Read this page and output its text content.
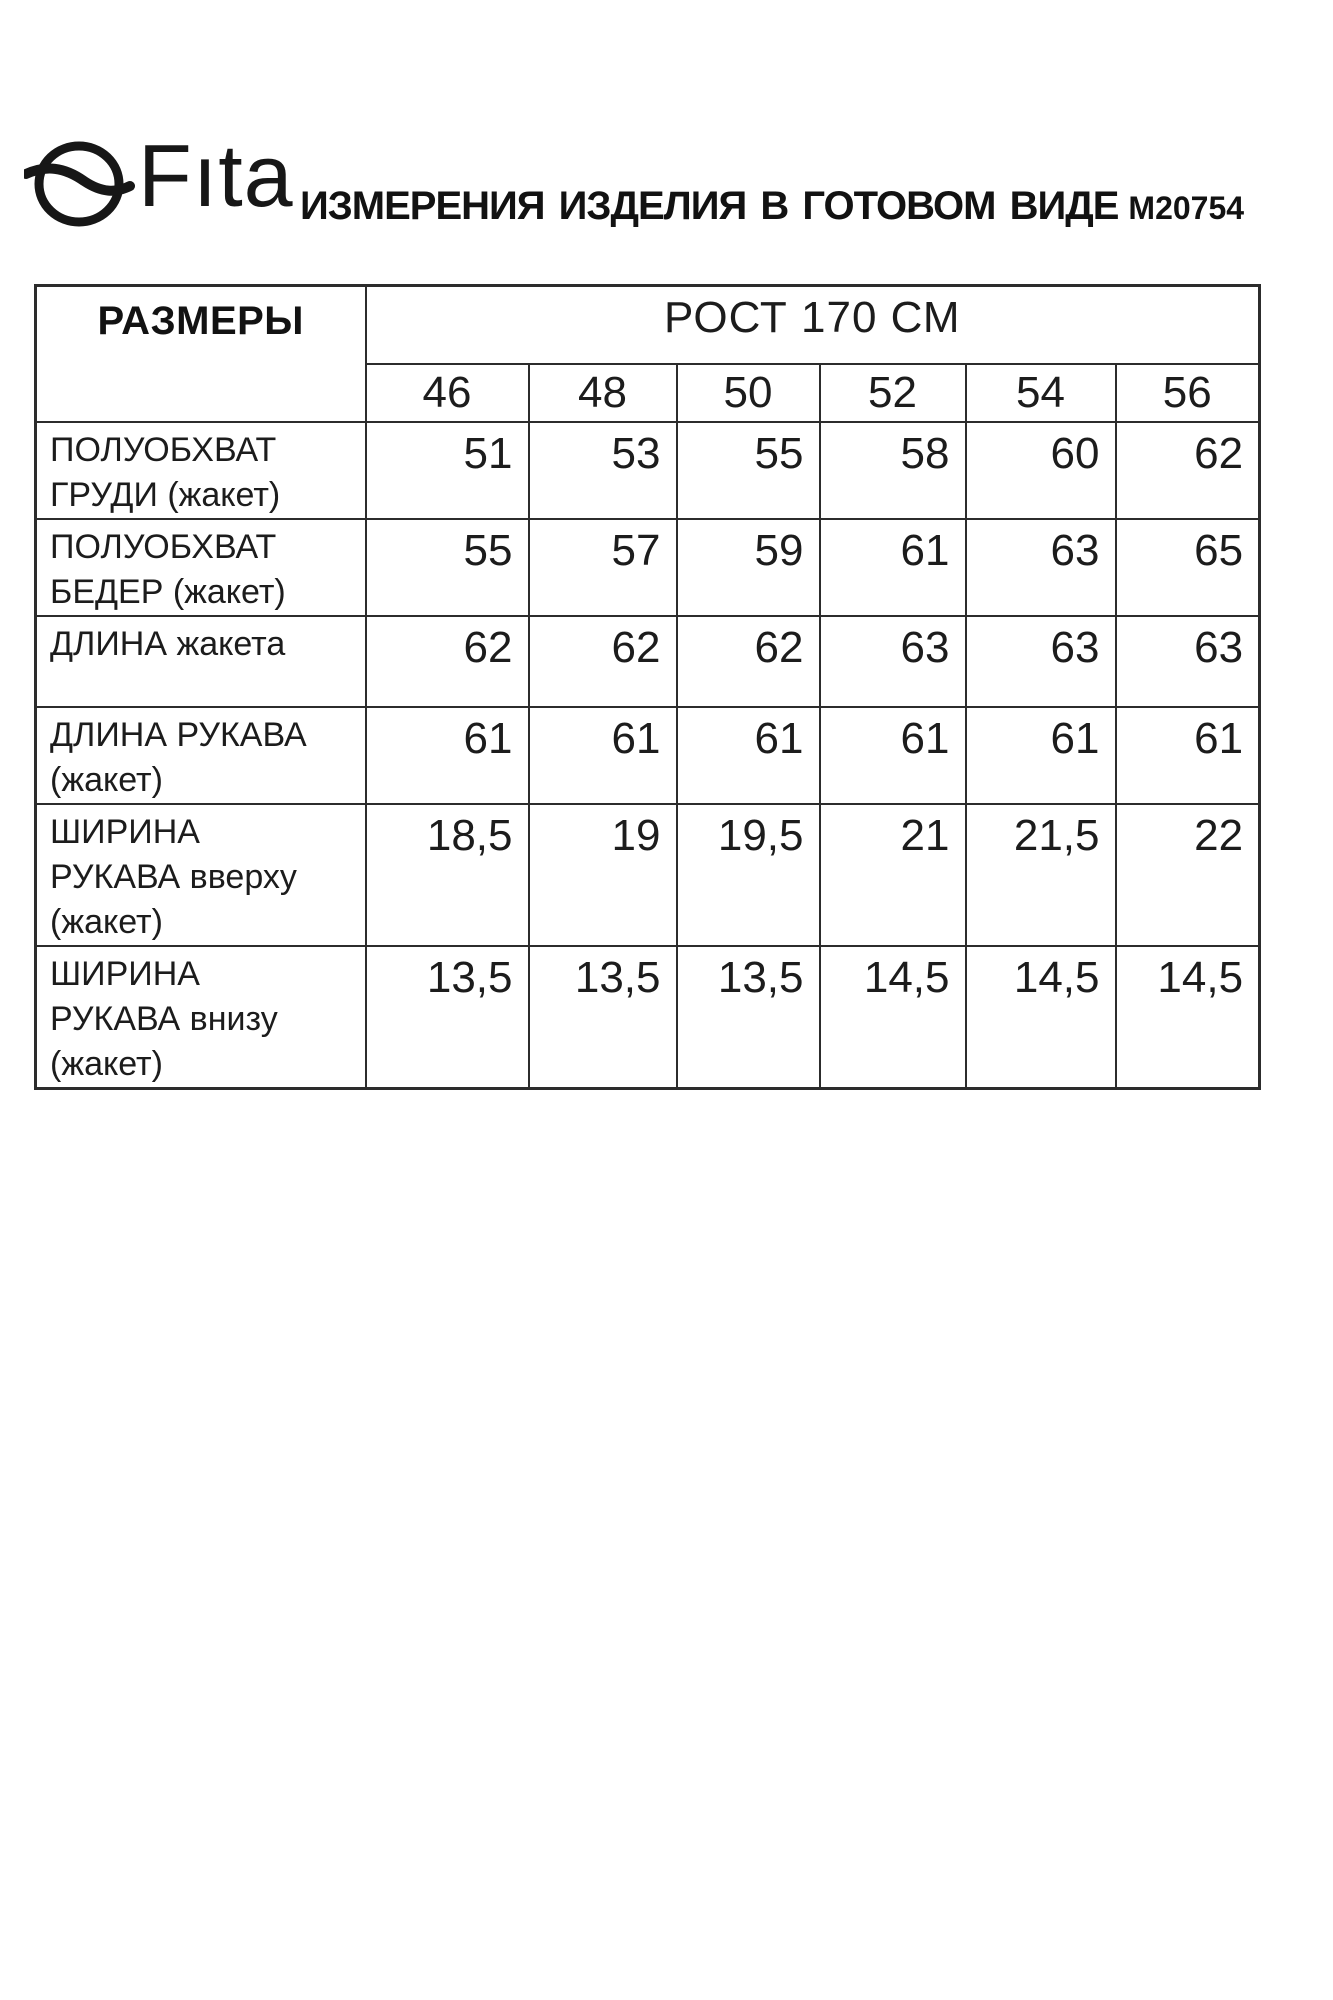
Fıta ИЗМЕРЕНИЯ ИЗДЕЛИЯ В ГОТОВОМ ВИДЕ М20754
РАЗМЕРЫ	РОСТ 170 СМ					
	46	48	50	52	54	56

ПОЛУОБХВАТ
ГРУДИ (жакет)	51	53	55	58	60	62

ПОЛУОБХВАТ
БЕДЕР (жакет)	55	57	59	61	63	65

ДЛИНА жакета	62	62	62	63	63	63

ДЛИНА РУКАВА
(жакет)	61	61	61	61	61	61

ШИРИНА
РУКАВА вверху
(жакет)	18,5	19	19,5	21	21,5	22

ШИРИНА
РУКАВА внизу
(жакет)	13,5	13,5	13,5	14,5	14,5	14,5
